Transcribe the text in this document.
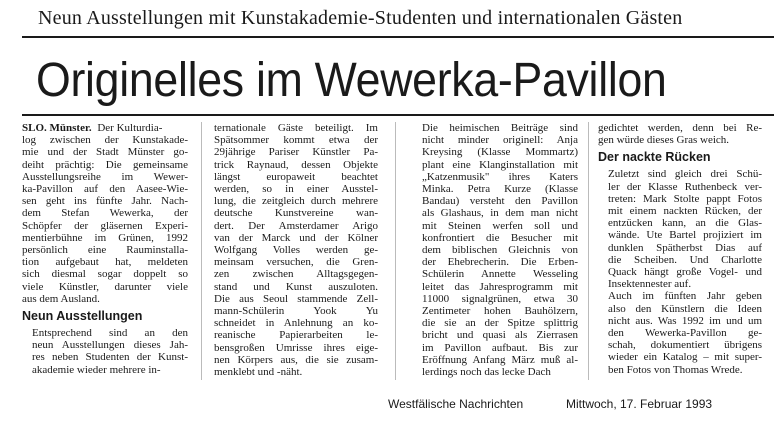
Neun Ausstellungen mit Kunstakademie-Studenten und internationalen Gästen
Originelles im Wewerka-Pavillon

SLO. Münster. Der Kulturdia-
log zwischen der Kunstakade-
mie und der Stadt Münster go-
deiht prächtig: Die gemeinsame
Ausstellungsreihe im Wewer-
ka-Pavillon auf den Aasee-Wie-
sen geht ins fünfte Jahr. Nach-
dem Stefan Wewerka, der
Schöpfer der gläsernen Experi-
mentierbühne im Grünen, 1992
persönlich eine Rauminstalla-
tion aufgebaut hat, meldeten
sich diesmal sogar doppelt so
viele Künstler, darunter viele
aus dem Ausland.

Neun Ausstellungen

Entsprechend sind an den
neun Ausstellungen dieses Jah-
res neben Studenten der Kunst-
akademie wieder mehrere in-

ternationale Gäste beteiligt. Im
Spätsommer kommt etwa der
29jährige Pariser Künstler Pa-
trick Raynaud, dessen Objekte
längst europaweit beachtet
werden, so in einer Ausstel-
lung, die zeitgleich durch mehrere
deutsche Kunstvereine wan-
dert. Der Amsterdamer Arigo
van der Marck und der Kölner
Wolfgang Volles werden ge-
meinsam versuchen, die Gren-
zen zwischen Alltagsgegen-
stand und Kunst auszuloten.
Die aus Seoul stammende Zell-
mann-Schülerin Yook Yu
schneidet in Anlehnung an ko-
reanische Papierarbeiten le-
bensgroßen Umrisse ihres eige-
nen Körpers aus, die sie zusam-
menklebt und -näht.

Die heimischen Beiträge sind
nicht minder originell: Anja
Kreysing (Klasse Mommartz)
plant eine Klanginstallation mit
„Katzenmusik" ihres Katers
Minka. Petra Kurze (Klasse
Bandau) versteht den Pavillon
als Glashaus, in dem man nicht
mit Steinen werfen soll und
konfrontiert die Besucher mit
dem biblischen Gleichnis von
der Ehebrecherin. Die Erben-
Schülerin Annette Wesseling
leitet das Jahresprogramm mit
11000 signalgrünen, etwa 30
Zentimeter hohen Bauhölzern,
die sie an der Spitze splittrig
bricht und quasi als Zierrasen
im Pavillon aufbaut. Bis zur
Eröffnung Anfang März muß al-
lerdings noch das lecke Dach

gedichtet werden, denn bei Re-
gen würde dieses Gras weich.

Der nackte Rücken

Zuletzt sind gleich drei Schü-
ler der Klasse Ruthenbeck ver-
treten: Mark Stolte pappt Fotos
mit einem nackten Rücken, der
entzücken kann, an die Glas-
wände. Ute Bartel projiziert im
dunklen Spätherbst Dias auf
die Scheiben. Und Charlotte
Quack hängt große Vogel- und
Insektennester auf.

Auch im fünften Jahr geben
also den Künstlern die Ideen
nicht aus. Was 1992 im und um
den Wewerka-Pavillon ge-
schah, dokumentiert übrigens
wieder ein Katalog – mit super-
ben Fotos von Thomas Wrede.

Westfälische Nachrichten	Mittwoch, 17. Februar 1993
